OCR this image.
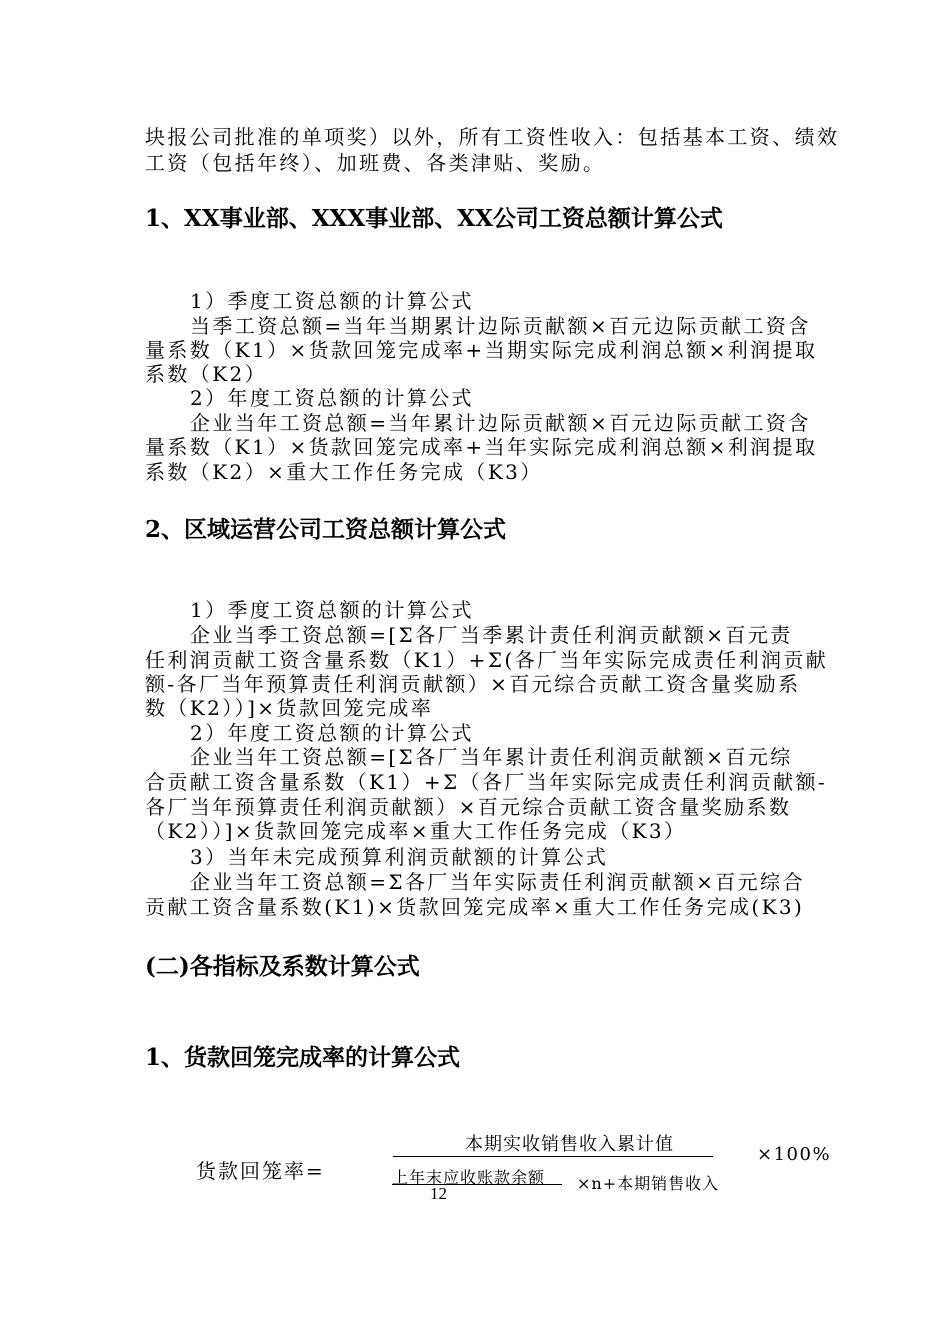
块报公司批准的单项奖）以外，所有工资性收入：包括基本工资、绩效

工资（包括年终）、加班费、各类津贴、奖励。

1、XX事业部、XXX事业部、XX公司工资总额计算公式

1）季度工资总额的计算公式

当季工资总额=当年当期累计边际贡献额×百元边际贡献工资含

量系数（K1）×货款回笼完成率+当期实际完成利润总额×利润提取

系数（K2）

2）年度工资总额的计算公式

企业当年工资总额=当年累计边际贡献额×百元边际贡献工资含

量系数（K1）×货款回笼完成率+当年实际完成利润总额×利润提取

系数（K2）×重大工作任务完成（K3）

2、区域运营公司工资总额计算公式

1）季度工资总额的计算公式

企业当季工资总额=[Σ各厂当季累计责任利润贡献额×百元责

任利润贡献工资含量系数（K1）+Σ(各厂当年实际完成责任利润贡献

额-各厂当年预算责任利润贡献额）×百元综合贡献工资含量奖励系

数（K2））]×货款回笼完成率

2）年度工资总额的计算公式

企业当年工资总额=[Σ各厂当年累计责任利润贡献额×百元综

合贡献工资含量系数（K1）+Σ（各厂当年实际完成责任利润贡献额-

各厂当年预算责任利润贡献额）×百元综合贡献工资含量奖励系数

（K2））]×货款回笼完成率×重大工作任务完成（K3）

3）当年未完成预算利润贡献额的计算公式

企业当年工资总额=Σ各厂当年实际责任利润贡献额×百元综合

贡献工资含量系数(K1)×货款回笼完成率×重大工作任务完成(K3)

(二)各指标及系数计算公式
1、货款回笼完成率的计算公式
货款回笼率=
本期实收销售收入累计值
上年末应收账款余额
12
×n+本期销售收入
×100%
